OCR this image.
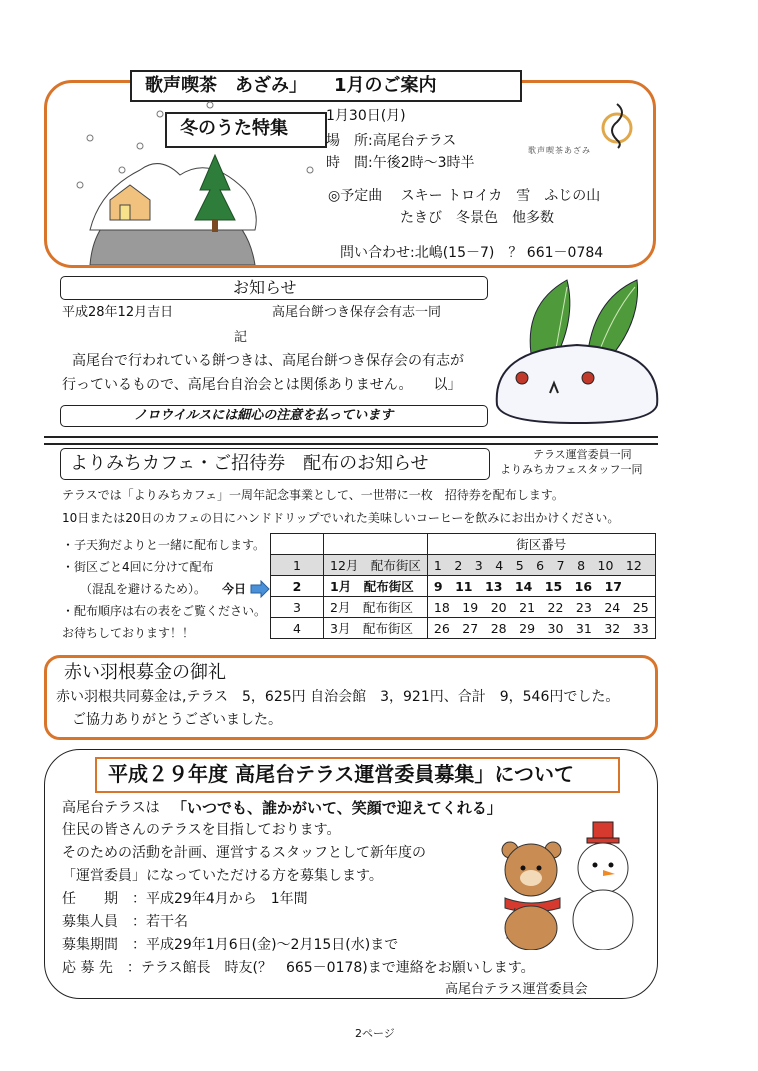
歌声喫茶　あざみ」　　1月のご案内
冬のうた特集
1月30日(月)
場　所:高尾台テラス
時　間:午後2時～3時半
◎予定曲　 スキー トロイカ　雪　ふじの山
たきび　冬景色　他多数
問い合わせ:北嶋(15－7)　？ 661－0784
歌声喫茶あざみ
お知らせ
平成28年12月吉日	高尾台餅つき保存会有志一同
記
高尾台で行われている餅つきは、高尾台餅つき保存会の有志が
行っているもので、高尾台自治会とは関係ありません。　　以」
ノロウイルスには細心の注意を払っています
よりみちカフェ・ご招待券　配布のお知らせ	テラス運営委員一同
よりみちカフェスタッフ一同
テラスでは「よりみちカフェ」一周年記念事業として、一世帯に一枚　招待券を配布します。
10日または20日のカフェの日にハンドドリップでいれた美味しいコーヒーを飲みにお出かけください。
・子天狗だよりと一緒に配布します。
・街区ごと4回に分けて配布
（混乱を避けるため）。 今日
・配布順序は右の表をご覧ください。
お待ちしております！！
		街区番号
1	12月　配布街区	1　2　3　4　5　6　7　8　10　12
2	1月　配布街区	9　11　13　14　15　16　17
3	2月　配布街区	18　19　20　21　22　23　24　25
4	3月　配布街区	26　27　28　29　30　31　32　33
赤い羽根募金の御礼
赤い羽根共同募金は,テラス　5，625円 自治会館　3，921円、合計　9，546円でした。
ご協力ありがとうございました。
平成２９年度 高尾台テラス運営委員募集」について
高尾台テラスは 「いつでも、誰かがいて、笑顔で迎えてくれる」
住民の皆さんのテラスを目指しております。
そのための活動を計画、運営するスタッフとして新年度の
「運営委員」になっていただける方を募集します。
任　　期　：平成29年4月から　1年間
募集人員　：若干名
募集期間　：平成29年1月6日(金)～2月15日(水)まで
応 募 先　：テラス館長　時友(？　665－0178)まで連絡をお願いします。
高尾台テラス運営委員会
2ページ
